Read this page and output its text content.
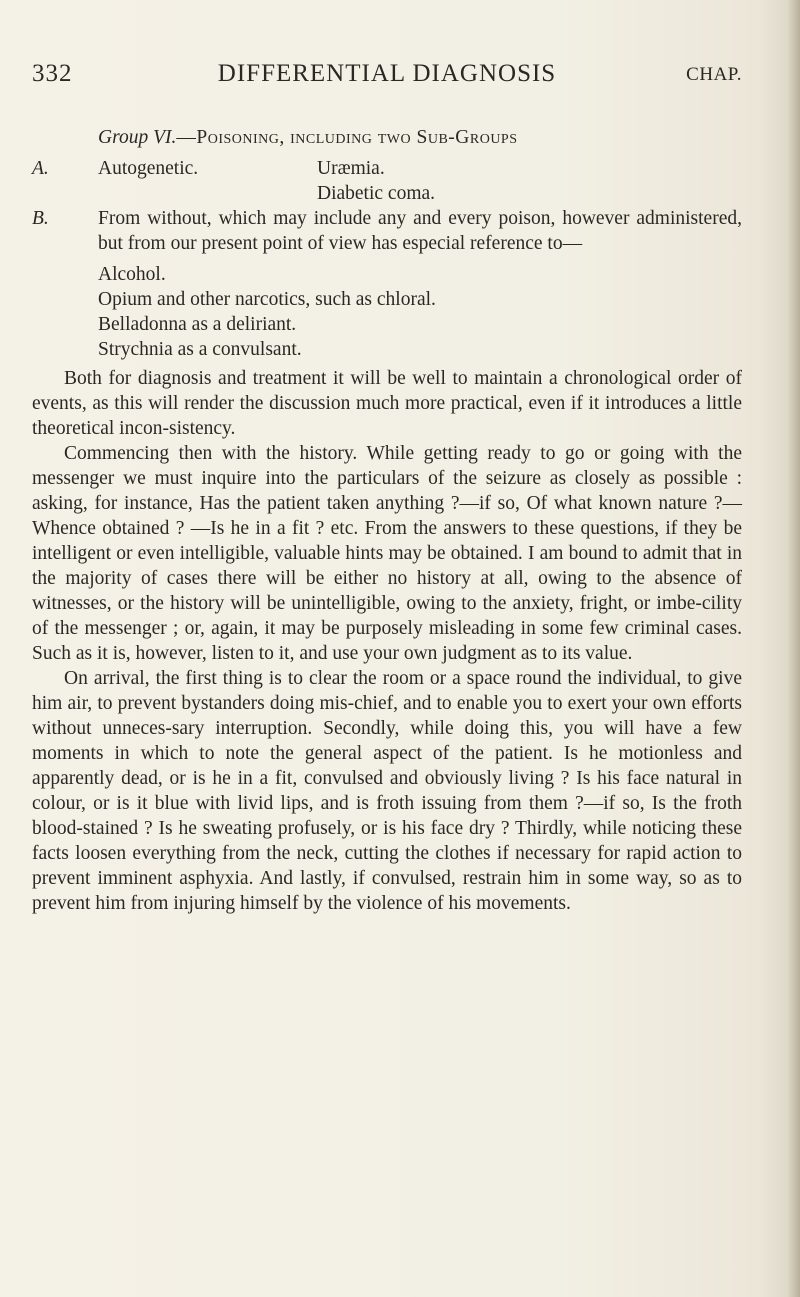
332	DIFFERENTIAL DIAGNOSIS	CHAP.
Group VI.—Poisoning, including two Sub-Groups
A.	Autogenetic.	Uræmia.
Diabetic coma.
B.	From without, which may include any and every poison, however administered, but from our present point of view has especial reference to—

Alcohol.
Opium and other narcotics, such as chloral.
Belladonna as a deliriant.
Strychnia as a convulsant.

Both for diagnosis and treatment it will be well to maintain a chronological order of events, as this will render the discussion much more practical, even if it introduces a little theoretical incon-sistency.

Commencing then with the history. While getting ready to go or going with the messenger we must inquire into the particulars of the seizure as closely as possible : asking, for instance, Has the patient taken anything ?—if so, Of what known nature ?—Whence obtained ? —Is he in a fit ? etc. From the answers to these questions, if they be intelligent or even intelligible, valuable hints may be obtained. I am bound to admit that in the majority of cases there will be either no history at all, owing to the absence of witnesses, or the history will be unintelligible, owing to the anxiety, fright, or imbe-cility of the messenger ; or, again, it may be purposely misleading in some few criminal cases. Such as it is, however, listen to it, and use your own judgment as to its value.

On arrival, the first thing is to clear the room or a space round the individual, to give him air, to prevent bystanders doing mis-chief, and to enable you to exert your own efforts without unneces-sary interruption. Secondly, while doing this, you will have a few moments in which to note the general aspect of the patient. Is he motionless and apparently dead, or is he in a fit, convulsed and obviously living ? Is his face natural in colour, or is it blue with livid lips, and is froth issuing from them ?—if so, Is the froth blood-stained ? Is he sweating profusely, or is his face dry ? Thirdly, while noticing these facts loosen everything from the neck, cutting the clothes if necessary for rapid action to prevent imminent asphyxia. And lastly, if convulsed, restrain him in some way, so as to prevent him from injuring himself by the violence of his movements.
